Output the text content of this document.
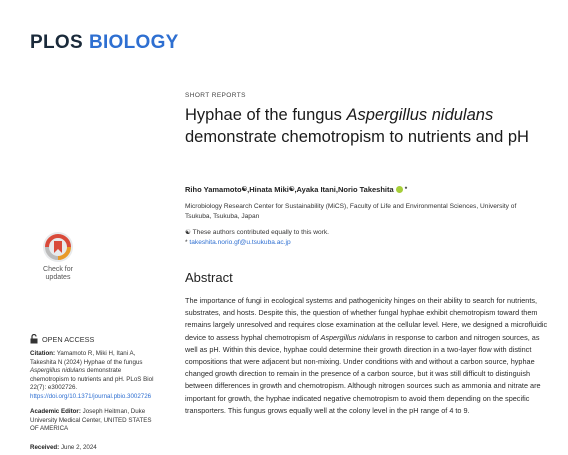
PLOS BIOLOGY
SHORT REPORTS
Hyphae of the fungus Aspergillus nidulans demonstrate chemotropism to nutrients and pH
Riho Yamamoto ☯ , Hinata Miki ☯ , Ayaka Itani , Norio Takeshita *
Microbiology Research Center for Sustainability (MiCS), Faculty of Life and Environmental Sciences, University of Tsukuba, Tsukuba, Japan
☯ These authors contributed equally to this work.
* takeshita.norio.gf@u.tsukuba.ac.jp
Check for
updates	Abstract
The importance of fungi in ecological systems and pathogenicity hinges on their ability to search for nutrients, substrates, and hosts. Despite this, the question of whether fungal hyphae exhibit chemotropism toward them remains largely unresolved and requires close examination at the cellular level. Here, we designed a microfluidic device to assess hyphal chemotropism of Aspergillus nidulans in response to carbon and nitrogen sources, as well as pH. Within this device, hyphae could determine their growth direction in a two-layer flow with distinct compositions that were adjacent but non-mixing. Under conditions with and without a carbon source, hyphae changed growth direction to remain in the presence of a carbon source, but it was still difficult to distinguish between differences in growth and chemotropism. Although nitrogen sources such as ammonia and nitrate are important for growth, the hyphae indicated negative chemotropism to avoid them depending on the specific transporters. This fungus grows equally well at the colony level in the pH range of 4 to 9.
OPEN ACCESS
Citation: Yamamoto R, Miki H, Itani A, Takeshita N (2024) Hyphae of the fungus Aspergillus nidulans demonstrate chemotropism to nutrients and pH. PLoS Biol 22(7): e3002726. https://doi.org/10.1371/journal.pbio.3002726
Academic Editor: Joseph Heitman, Duke University Medical Center, UNITED STATES OF AMERICA
Received: June 2, 2024
